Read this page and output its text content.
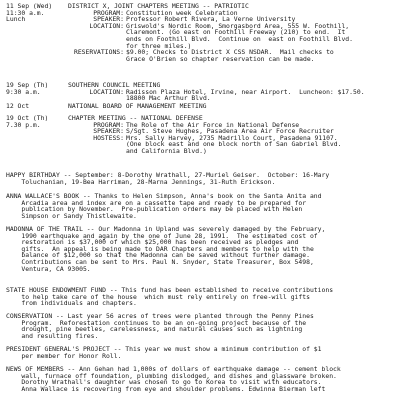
11 Sep (Wed)
11:30 a.m.
Lunch
DISTRICT X, JOINT CHAPTERS MEETING -- PATRIOTIC
PROGRAM: Constitution week Celebration
SPEAKER: Professor Robert Rivera, La Verne University
LOCATION: Griswold's Nordic Room, Smorgasbord Area, 555 W. Foothill,
Claremont. (Go east on Foothill Freeway (210) to end.  It
ends on Foothill Blvd.  Continue on  east on Foothill Blvd.
for three miles.)
RESERVATIONS: $9.00; Checks to District X CSS NSDAR.  Mail checks to
Grace O'Brien so chapter reservation can be made.
19 Sep (Th)
9:30 a.m.
SOUTHERN COUNCIL MEETING
LOCATION: Radisson Plaza Hotel, Irvine, near Airport.  Luncheon: $17.50.
18800 Mac Arthur Blvd.
12 Oct	NATIONAL BOARD OF MANAGEMENT MEETING
19 Oct (Th)
7.30 p.m.
CHAPTER MEETING -- NATIONAL DEFENSE
PROGRAM: The Role of the Air Force in National Defense
SPEAKER: S/Sgt. Steve Hughes, Pasadena Area Air Force Recruiter
HOSTESS: Mrs. Sally Harvey, 2735 Madrillo Court, Pasadena 91107.
(One block east and one block north of San Gabriel Blvd.
and California Blvd.)
HAPPY BIRTHDAY -- September: 8-Dorothy Wrathall, 27-Muriel Geiser.  October: 16-Mary
Toluchanian, 19-Bea Harriman, 28-Marna Jennings, 31-Ruth Erickson.
ANNA WALLACE'S BOOK -- Thanks to Helen Simpson, Anna's book on the Santa Anita and
Arcadia area and index are on a cassette tape and ready to be prepared for
publication by November.  Pre-publication orders may be placed with Helen
Simpson or Sandy Thistlewaite.
MADONNA OF THE TRAIL -- Our Madonna in Upland was severely damaged by the February,
1990 earthquake and again by the one of June 28, 1991.  The estimated cost of
restoration is $37,000 of which $25,000 has been received as pledges and
gifts.  An appeal is being made to DAR Chapters and members to help with the
balance of $12,000 so that the Madonna can be saved without further damage.
Contributions can be sent to Mrs. Paul N. Snyder, State Treasurer, Box 5498,
Ventura, CA 93005.
STATE HOUSE ENDOWMENT FUND -- This fund has been established to receive contributions
to help take care of the house  which must rely entirely on free-will gifts
from individuals and chapters.
CONSERVATION -- Last year 56 acres of trees were planted through the Penny Pines
Program.  Reforestation continues to be an on-going project because of the
drought, pine beetles, carelessness, and natural causes such as lightning
and resulting fires.
PRESIDENT GENERAL'S PROJECT -- This year we must show a minimum contribution of $1
per member for Honor Roll.
NEWS OF MEMBERS -- Ann Gehan had 1,000s of dollars of earthquake damage -- cement block
wall, furnace off foundation, plumbing dislodged, and dishes and glassware broken.
Dorothy Wrathall's daughter was chosen to go to Korea to visit with educators.
Anna Wallace is recovering from eye and shoulder problems. Edwinna Bierman left
